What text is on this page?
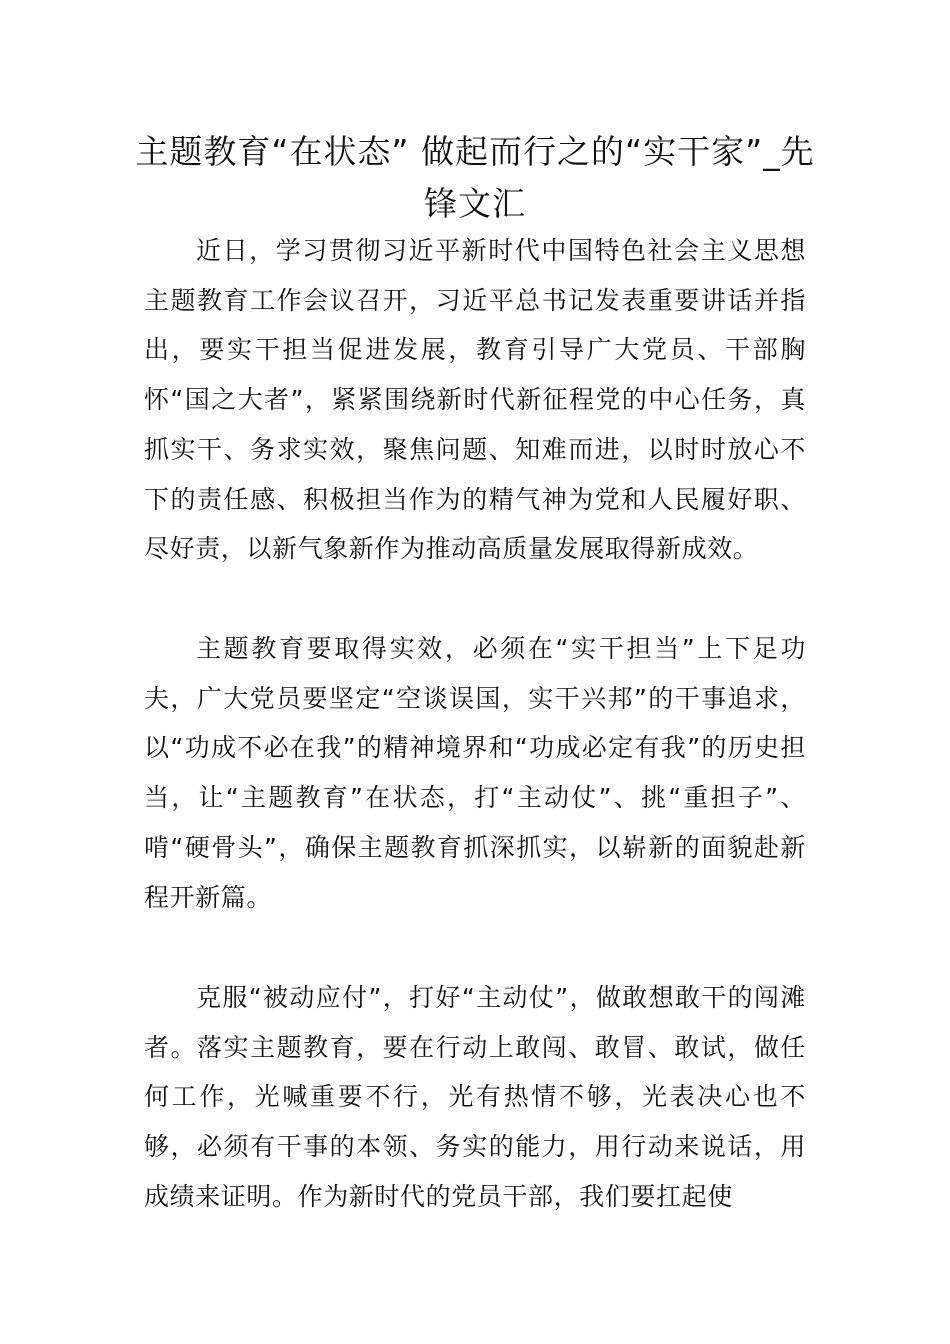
主题教育“在状态” 做起而行之的“实干家”_先锋文汇

近日，学习贯彻习近平新时代中国特色社会主义思想主题教育工作会议召开，习近平总书记发表重要讲话并指出，要实干担当促进发展，教育引导广大党员、干部胸怀“国之大者”，紧紧围绕新时代新征程党的中心任务，真抓实干、务求实效，聚焦问题、知难而进，以时时放心不下的责任感、积极担当作为的精气神为党和人民履好职、尽好责，以新气象新作为推动高质量发展取得新成效。

主题教育要取得实效，必须在“实干担当”上下足功夫，广大党员要坚定“空谈误国，实干兴邦”的干事追求，以“功成不必在我”的精神境界和“功成必定有我”的历史担当，让“主题教育”在状态，打“主动仗”、挑“重担子”、啃“硬骨头”，确保主题教育抓深抓实，以崭新的面貌赴新程开新篇。

克服“被动应付”，打好“主动仗”，做敢想敢干的闯滩者。落实主题教育，要在行动上敢闯、敢冒、敢试，做任何工作，光喊重要不行，光有热情不够，光表决心也不够，必须有干事的本领、务实的能力，用行动来说话，用成绩来证明。作为新时代的党员干部，我们要扛起使
